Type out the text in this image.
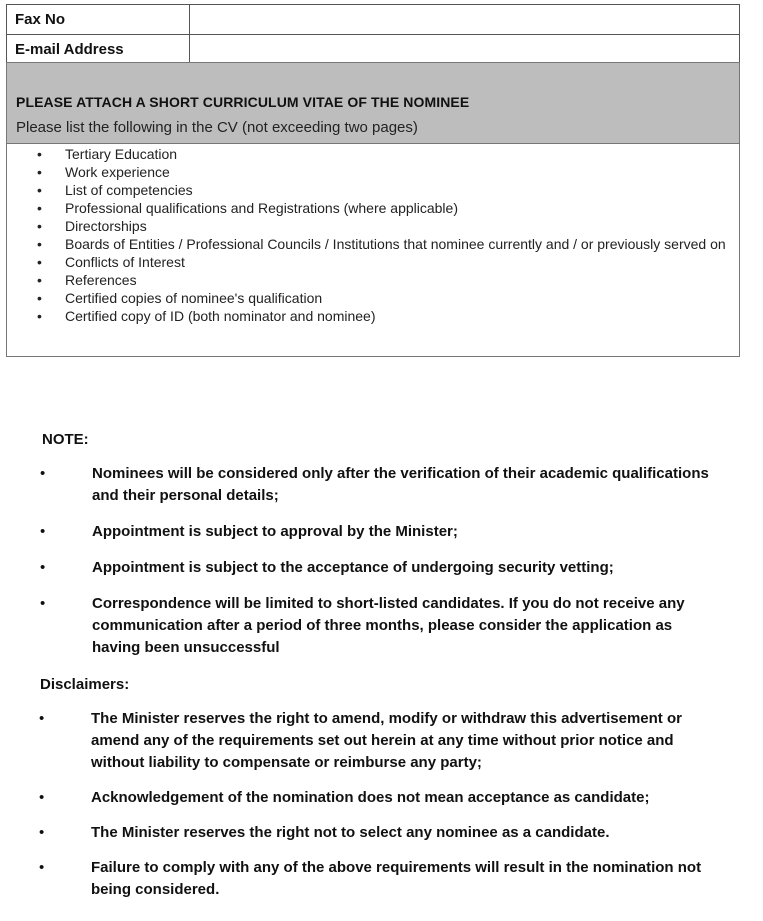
Fax No	
E-mail Address	
PLEASE ATTACH A SHORT CURRICULUM VITAE OF THE NOMINEE
Please list the following in the CV (not exceeding two pages)
• Tertiary Education
• Work experience
• List of competencies
• Professional qualifications and Registrations (where applicable)
• Directorships
• Boards of Entities / Professional Councils / Institutions that nominee currently and / or previously served on
• Conflicts of Interest
• References
• Certified copies of nominee's qualification
• Certified copy of ID (both nominator and nominee)
NOTE:
• Nominees will be considered only after the verification of their academic qualifications and their personal details;
• Appointment is subject to approval by the Minister;
• Appointment is subject to the acceptance of undergoing security vetting;
• Correspondence will be limited to short-listed candidates. If you do not receive any communication after a period of three months, please consider the application as having been unsuccessful
Disclaimers:
• The Minister reserves the right to amend, modify or withdraw this advertisement or amend any of the requirements set out herein at any time without prior notice and without liability to compensate or reimburse any party;
• Acknowledgement of the nomination does not mean acceptance as candidate;
• The Minister reserves the right not to select any nominee as a candidate.
• Failure to comply with any of the above requirements will result in the nomination not being considered.
